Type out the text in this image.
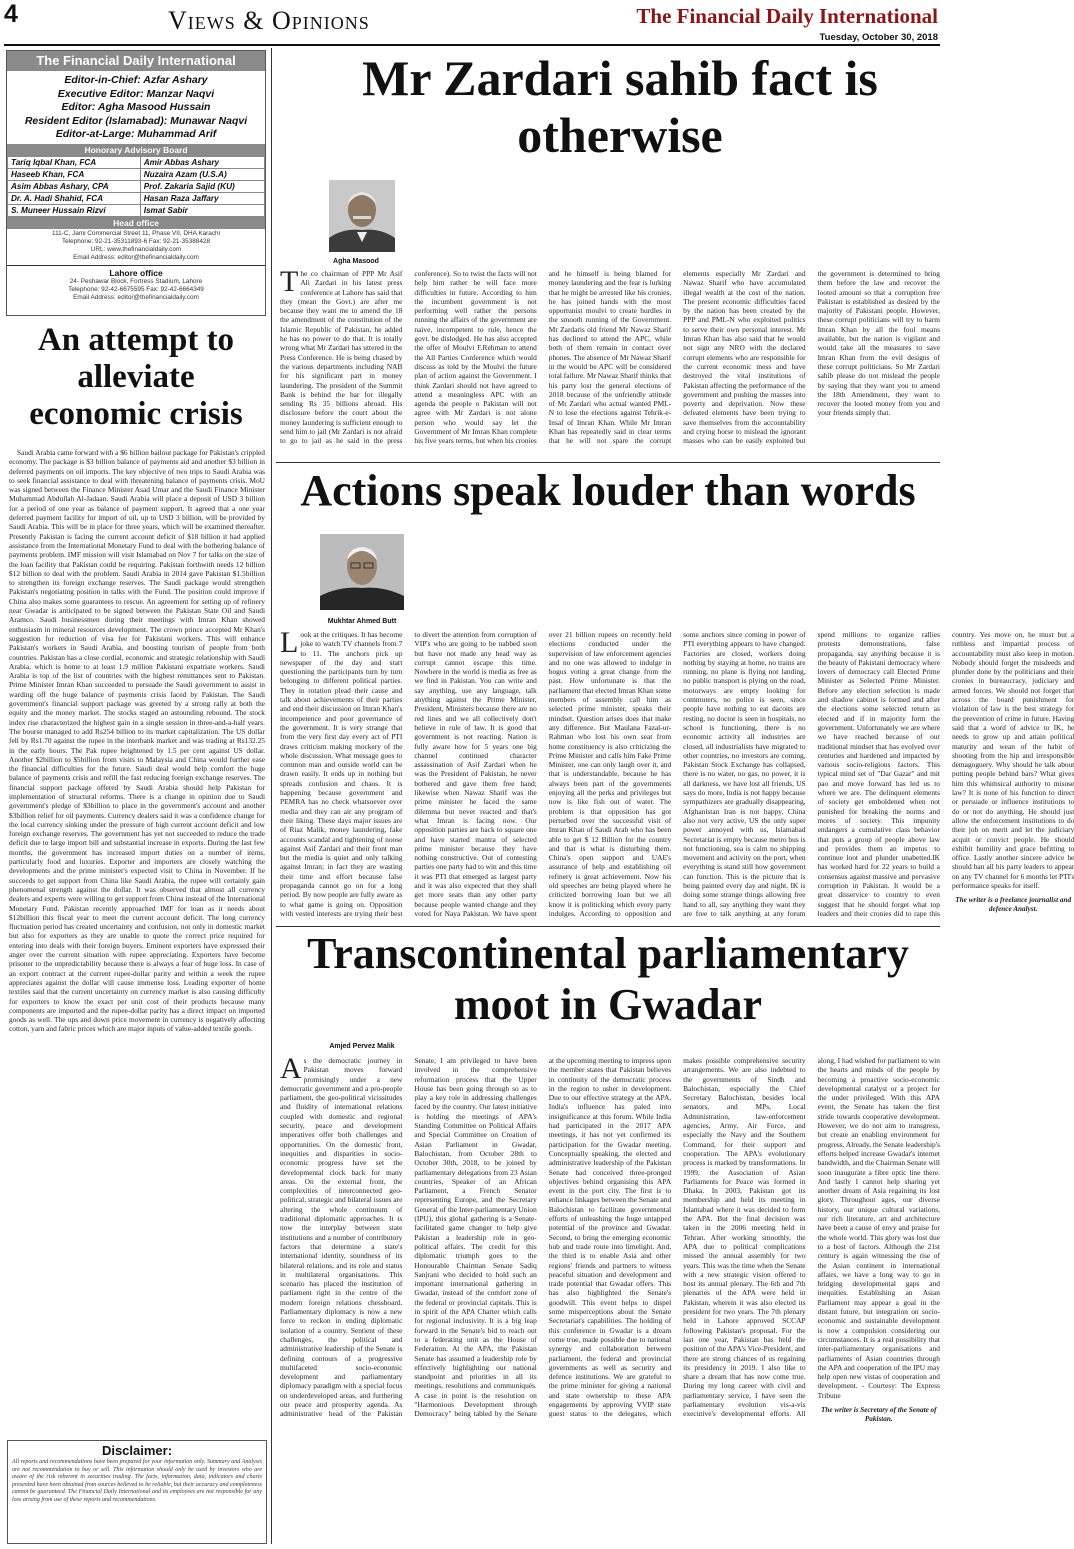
4	Views & Opinions	The Financial Daily International
Tuesday, October 30, 2018
The Financial Daily International
Editor-in-Chief: Azfar Ashary
Executive Editor: Manzar Naqvi
Editor: Agha Masood Hussain
Resident Editor (Islamabad): Munawar Naqvi
Editor-at-Large: Muhammad Arif
Honorary Advisory Board
Tariq Iqbal Khan, FCA	Amir Abbas Ashary
Haseeb Khan, FCA	Nuzaira Azam (U.S.A)
Asim Abbas Ashary, CPA	Prof. Zakaria Sajid (KU)
Dr. A. Hadi Shahid, FCA	Hasan Raza Jaffary
S. Muneer Hussain Rizvi	Ismat Sabir
Head office
111-C, Jami Commercial Street 11, Phase VII, DHA Karachi
Telephone: 92-21-35311893-6 Fax: 92-21-35388428
URL: www.thefinancialdaily.com
Email Address: editor@thefinancialdaily.com
Lahore office
24- Peshawar Block, Fortress Stadium, Lahore
Telephone: 92-42-6675595 Fax: 92-42-6664349
Email Address: editor@thefinancialdaily.com
An attempt to alleviate economic crisis

Saudi Arabia came forward with a $6 billion bailout package for Pakistan's crippled economy. The package is $3 billion balance of payments aid and another $3 billion in deferred payments on oil imports. The key objective of two trips to Saudi Arabia was to seek financial assistance to deal with threatening balance of payments crisis. MoU was signed between the Finance Minister Asad Umar and the Saudi Finance Minister Muhammad Abdullah Al-Jadaan. Saudi Arabia will place a deposit of USD 3 billion for a period of one year as balance of payment support. It agreed that a one year deferred payment facility for import of oil, up to USD 3 billion, will be provided by Saudi Arabia. This will be in place for three years, which will be examined thereafter. Presently Pakistan is facing the current account deficit of $18 billion it had applied assistance from the International Monetary Fund to deal with the bothering balance of payments problem. IMF mission will visit Islamabad on Nov 7 for talks on the size of the loan facility that Pakistan could be requiring. Pakistan forthwith needs 12 billion $12 billion to deal with the problem. Saudi Arabia in 2014 gave Pakistan $1.5billion to strengthen its foreign exchange reserves. The Saudi package would strengthen Pakistan's negotiating position in talks with the Fund. The position could improve if China also makes some guarantees to rescue. An agreement for setting up of refinery near Gwadar is anticipated to be signed between the Pakistan State Oil and Saudi Aramco. Saudi businessmen during their meetings with Imran Khan showed enthusiasm in mineral resources development. The crown prince accepted Mr Khan's suggestion for reduction of visa fee for Pakistani workers. This will enhance Pakistan's workers in Saudi Arabia, and boosting tourism of people from both countries. Pakistan has a close cordial, economic and strategic relationship with Saudi Arabia, which is home to at least 1.9 million Pakistani expatriate workers. Saudi Arabia is top of the list of countries with the highest remittances sent to Pakistan. Prime Minister Imran Khan succeeded to persuade the Saudi government to assist in warding off the huge balance of payments crisis faced by Pakistan. The Saudi government's financial support package was greeted by a strong rally at both the equity and the money market. The stocks staged an astounding rebound. The stock index rise characterized the highest gain in a single session in three-and-a-half years. The bourse managed to add Rs254 billion to its market capitalization. The US dollar fell by Rs1.70 against the rupee in the interbank market and was trading at Rs132.25 in the early hours. The Pak rupee heightened by 1.5 per cent against US dollar. Another $2billion to $5billion from visits to Malaysia and China would further ease the financial difficulties for the future. Saudi deal would help comfort the huge balance of payments crisis and refill the fast reducing foreign exchange reserves. The financial support package offered by Saudi Arabia should help Pakistan for implementation of structural reforms. There is a change in opinion due to Saudi government's pledge of $3billion to place in the government's account and another $3billion relief for oil payments. Currency dealers said it was a confidence change for the local currency sinking under the pressure of high current account deficit and low foreign exchange reserves. The government has yet not succeeded to reduce the trade deficit due to large import bill and substantial increase in exports. During the last few months, the government has increased import duties on a number of items, particularly food and luxuries. Exporter and importers are closely watching the developments and the prime minister's expected visit to China in November. If he succeeds to get support from China like Saudi Arabia, the rupee will certainly gain phenomenal strength against the dollar. It was observed that almost all currency dealers and experts were willing to get support from China instead of the International Monetary Fund. Pakistan recently approached IMF for loan as it needs about $12billion this fiscal year to meet the current account deficit. The long currency fluctuation period has created uncertainty and confusion, not only in domestic market but also for exporters as they are unable to quote the correct price required for entering into deals with their foreign buyers. Eminent exporters have expressed their anger over the current situation with rupee appreciating. Exporters have become prisoner to the unpredictability because there is always a fear of huge loss. In case of an export contract at the current rupee-dollar parity and within a week the rupee appreciates against the dollar will cause immense loss. Leading exporter of home textiles said that the current uncertainty on currency market is also causing difficulty for exporters to know the exact per unit cost of their products because many components are imported and the rupee-dollar parity has a direct impact on imported goods as well. The ups and down price movement in currency is negatively affecting cotton, yarn and fabric prices which are major inputs of value-added textile goods.

Disclaimer:
All reports and recommendations have been prepared for your information only. Summary and Analysis are not recommendation to buy or sell. This information should only be used by investors who are aware of the risk inherent in securities trading. The facts, information, data, indicators and charts presented have been obtained from sources believed to be reliable, but their accuracy and completeness cannot be guaranteed. The Financial Daily International and its employees are not responsible for any loss arising from use of these reports and recommendations.
Mr Zardari sahib fact is otherwise
Agha Masood

The co chairman of PPP Mr Asif Ali Zardari in his latest press conference at Lahore has said that they (mean the Govt.) are after me because they want me to amend the 18 the amendment of the constitution of the Islamic Republic of Pakistan, he added he has no power to do that. It is totally wrong what Mr Zardari has uttered in the Press Conference. He is being chased by the various departments including NAB for his significant part in money laundering. The president of the Summit Bank is behind the bar for illegally sending Rs 35 billions abroad. His disclosure before the court about the money laundering is sufficient enough to send him to jail (Mr Zardari is not afraid to go to jail as he said in the press conference). So to twist the facts will not help him rather he will face more difficulties in future. According to him the incumbent government is not performing well rather the persons running the affairs of the government are naive, incompetent to rule, hence the govt. be dislodged. He has also accepted the offer of Moulvi F.Rehman to attend the All Parties Conference which would discuss as told by the Moulvi the future plan of action against the Government. I think Zardari should not have agreed to attend a meaningless APC with an agenda the people o Pakistan will not agree with Mr Zardari is not alone person who would say let the Government of Mr Imran Khan complete his five years terms, but when his cronies and he himself is being blamed for money laundering and the fear is lurking that he might be arrested like his cronies, he has joined hands with the most opportunist moulvi to create hurdles in the smooth running of the Government. Mr Zardaris old friend Mr Nawaz Sharif has declined to attend the APC, while both of them remain in contact over phones. The absence of Mr Nawaz Sharif in the would be APC will be considered total failure. Mr Nawaz Sharif thinks that his party lost the general elections of 2018 because of the unfriendly attitude of Mr Zardari who actual wanted PML-N to lose the elections against Tehrik-e-Insaf of Imran Khan. While Mr Imran Khan has repeatedly said in clear terms that he will not spare the corrupt elements especially Mr Zardari and Nawaz Sharif who have accumulated illegal wealth at the cost of the nation. The present economic difficulties faced by the nation has been created by the PPP and PML-N who exploited politics to serve their own personal interest. Mr Imran Khan has also said that he would not sign any NRO with the declared corrupt elements who are responsible for the current economic mess and have destroyed the vital institutions of Pakistan affecting the performance of the government and pushing the masses into poverty and deprivation. Now these defeated elements have been trying to save themselves from the accountability and crying horse to mislead the ignorant masses who can be easily exploited but the government is determined to bring them before the law and recover the looted amount so that a corruption free Pakistan is established as desired by the majority of Pakistani people. However, these corrupt politicians will try to harm Imran Khan by all the foul means available, but the nation is vigilant and would take all the measures to save Imran Khan from the evil designs of these corrupt politicians. So Mr Zardari sahib please do not mislead the people by saying that they want you to amend the 18th Amendment, they want to recover the looted money from you and your friends simply that.

Actions speak louder than words
Mukhtar Ahmed Butt

Look at the critiques. It has become joke to watch TV channels from 7 to 11. The anchors pick up newspaper of the day and start questioning the participants turn by turn belonging to different political parties. They in rotation plead their cause and talk about achievements of their parties and end their discussion on Imran Khan's incompetence and poor governance of the government. It is very strange that from the very first day every act of PTI draws criticism making mockery of the whole discussion. What message goes to common man and outside world can be drawn easily. It ends up in nothing but spreads confusion and chaos. It is happening because government and PEMRA has no check whatsoever over media and they can air any program of their liking. These days major issues are of Riaz Malik, money laundering, fake accounts scandal and tightening of noose against Asif Zardari and their front man but the media is quiet and only talking against Imran; in fact they are wasting their time and effort because false propaganda cannot go on for a long period. By now people are fully aware as to what game is going on. Opposition with vested interests are trying their best to divert the attention from corruption of VIP's who are going to be nabbed soon but have not made any head way as corrupt cannot escape this time. Nowhere in the world is media as free as we find in Pakistan. You can write and say anything, use any language, talk anything against the Prime Minister, President, Ministers because there are no red lines and we all collectively don't believe in rule of law. It is good that government is not reacting. Nation is fully aware how for 5 years one big channel continued character assassination of Asif Zardari when he was the President of Pakistan, he never bothered and gave them free hand; likewise when Nawaz Sharif was the prime minister he faced the same dilemma but never reacted and that's what Imran is facing now. Our opposition parties are back to square one and have started mantra of selected prime minister because they have nothing constructive. Out of contesting parties one party had to win and this time it was PTI that emerged as largest party and it was also expected that they shall get more seats than any other party because people wanted change and they voted for Naya Pakistan. We have spent over 21 billion rupees on recently held elections conducted under the supervision of law enforcement agencies and no one was allowed to indulge in bogus voting a great change from the past. How unfortunate is that the parliament that elected Imran Khan some members of assembly call him as selected prime minister, speaks their mindset. Question arises does that make any difference. But Maulana Fazal-ur-Rahman who lost his own seat from home constituency is also criticizing the Prime Minister and calls him Fake Prime Minister, one can only laugh over it, and that is understandable, because he has always been part of the governments enjoying all the perks and privileges but now is like fish out of water. The problem is that opposition has got perturbed over the successful visit of Imran Khan of Saudi Arab who has been able to get $ 12 Billion for the country and that is what is disturbing them. China's open support and UAE's assurance of help and establishing oil refinery is great achievement. Now his old speeches are being played where he criticized borrowing loan but we all know it is politicking which every party indulges. According to opposition and some anchors since coming in power of PTI everything appears to have changed. Factories are closed, workers doing nothing by staying at home, no trains are running, no plane is flying nor landing, no public transport is plying on the road, motorways are empty looking for commuters, no police is seen, since people have nothing to eat dacoits are resting, no doctor is seen in hospitals, no school is functioning, there is no economic activity all industries are closed, all industrialists have migrated to other countries, no investors are coming, Pakistan Stock Exchange has collapsed, there is no water, no gas, no power, it is all darkness, we have lost all friends, US says do more, India is not happy because sympathizers are gradually disappearing, Afghanistan Iran is not happy, China also not very active, US the only super power annoyed with us, Islamabad Secretariat is empty because metro bus is not functioning, sea is calm no shipping movement and activity on the port, when everything is stand still how government can function. This is the picture that is being painted every day and night. IK is doing some strange things allowing free hand to all, say anything they want they are free to talk anything at any forum spend millions to organize rallies protests demonstrations, false propaganda, say anything because it is the beauty of Pakistani democracy where lovers of democracy call Elected Prime Minister as Selected Prime Minister. Before any election selection is made and shadow cabinet is formed and after the elections some selected return as elected and if in majority form the government. Unfortunately we are where we have reached because of our traditional mindset that has evolved over centuries and hardened and impacted by various socio-religious factors. This typical mind set of "Dar Gazar" and mit pao and move forward has led us to where we are. The delinquent elements of society get emboldened when not punished for breaking the norms and mores of society. This impunity endangers a cumulative class behavior that puts a group of people above law and provides them an impetus to continue loot and plunder unabetted.IK has worked hard for 22 years to build a consensus against massive and pervasive corruption in Pakistan. It would be a great disservice to country to even suggest that he should forget what top leaders and their cronies did to rape this country. Yes move on, he must but a ruthless and impartial process of accountability must also keep in motion. Nobody should forget the misdeeds and plunder done by the politicians and their cronies in bureaucracy, judiciary and armed forces. We should not forget that across the board punishment for violation of law is the best strategy for the prevention of crime in future. Having said that a word of advice to IK, he needs to grow up and attain political maturity and wean of the habit of shooting from the hip and irresponsible demagoguery. Why should he talk about putting people behind bars? What gives him this whimsical authority to misuse law? It is none of his function to direct or persuade or influence institutions to do or not do anything. He should just allow the enforcement institutions to do their job on merit and let the judiciary acquit or convict people. He should exhibit humility and grace befitting to office. Lastly another sincere advice he should ban all his party leaders to appear on any TV channel for 6 months let PTI's performance speaks for itself.

The writer is a freelance journalist and defence Analyst.
Transcontinental parliamentary moot in Gwadar
Amjed Pervez Malik

As the democratic journey in Pakistan moves forward promisingly under a new democratic government and a pro-people parliament, the geo-political vicissitudes and fluidity of international relations coupled with domestic and regional security, peace and development imperatives offer both challenges and opportunities. On the domestic front, inequities and disparities in socio-economic progress have set the developmental clock back for many areas. On the external front, the complexities of interconnected geo-political, strategic and bilateral issues are altering the whole continuum of traditional diplomatic approaches. It is now the interplay between state institutions and a number of contributory factors that determine a state's international identity, soundness of its bilateral relations, and its role and status in multilateral organisations. This scenario has placed the institution of parliament right in the centre of the modern foreign relations chessboard. Parliamentary diplomacy is now a new force to reckon in ending diplomatic isolation of a country. Sentient of these challenges, the political and administrative leadership of the Senate is defining contours of a progressive multifaceted socio-economic development and parliamentary diplomacy paradigm with a special focus on underdeveloped areas, and furthering our peace and prosperity agenda. As administrative head of the Pakistan Senate, I am privileged to have been involved in the comprehensive reformation process that the Upper House has been going through so as to play a key role in addressing challenges faced by the country. Our latest initiative is holding the meetings of APA's Standing Committee on Political Affairs and Special Committee on Creation of Asian Parliament in Gwadar, Balochistan, from October 28th to October 30th, 2018, to be joined by parliamentary delegations from 23 Asian countries, Speaker of an African Parliament, a French Senator representing Europe, and the Secretary General of the Inter-parliamentary Union (IPU), this global gathering is a Senate-facilitated game changer to help give Pakistan a leadership role in geo-political affairs. The credit for this diplomatic triumph goes to the Honourable Chairman Senate Sadiq Sanjrani who decided to hold such an important international gathering in Gwadar, instead of the comfort zone of the federal or provincial capitals. This is in spirit of the APA Charter which calls for regional inclusivity. It is a big leap forward in the Senate's bid to reach out to a federating unit as the House of Federation. At the APA, the Pakistan Senate has assumed a leadership role by effectively highlighting our national standpoint and priorities in all its meetings, resolutions and communiqués. A case in point is the resolution on "Harmonious Development through Democracy" being tabled by the Senate at the upcoming meeting to impress upon the member states that Pakistan believes in continuity of the democratic process in the region to usher in development. Due to our effective strategy at the APA, India's influence has paled into insignificance at this forum. While India had participated in the 2017 APA meetings, it has not yet confirmed its participation for the Gwadar meeting. Conceptually speaking, the elected and administrative leadership of the Pakistan Senate had conceived three-pronged objectives behind organising this APA event in the port city. The first is to enhance linkages between the Senate and Balochistan to facilitate governmental efforts of unleashing the huge untapped potential of the province and Gwadar. Second, to bring the emerging economic hub and trade route into limelight. And, the third is to enable Asia and other regions' friends and partners to witness peaceful situation and development and trade potential that Gwadar offers. This has also highlighted the Senate's goodwill. This event helps to dispel some misperceptions about the Senate Secretariat's capabilities. The holding of this conference in Gwadar is a dream come true, made possible due to national synergy and collaboration between parliament, the federal and provincial governments as well as security and defence institutions. We are grateful to the prime minister for giving a national and state ownership to these APA engagements by approving VVIP state guest status to the delegates, which makes possible comprehensive security arrangements. We are also indebted to the governments of Sindh and Balochistan, especially the Chief Secretary Balochistan, besides local senators, and MPs, Local Administration, law-enforcement agencies, Army, Air Force, and especially the Navy and the Southern Command, for their support and cooperation. The APA's evolutionary process is marked by transformations. In 1999, the Association of Asian Parliaments for Peace was formed in Dhaka. In 2003, Pakistan got its membership and held its meeting in Islamabad where it was decided to form the APA. But the final decision was taken in the 2006 meeting held in Tehran. After working smoothly, the APA due to political complications missed the annual assembly for two years. This was the time when the Senate with a new strategic vision offered to host its annual plenary. The 6th and 7th plenaries of the APA were held in Pakistan, wherein it was also elected its president for two years. The 7th plenary held in Lahore approved SCCAP following Pakistan's proposal. For the last one year, Pakistan has held the position of the APA's Vice-President, and there are strong chances of us regaining its presidency in 2019. I also like to share a dream that has now come true. During my long career with civil and parliamentary service, I have seen the parliamentary evolution vis-a-vis executive's developmental efforts. All along, I had wished for parliament to win the hearts and minds of the people by becoming a proactive socio-economic developmental catalyst or a project for the under privileged. With this APA event, the Senate has taken the first stride towards cooperative development. However, we do not aim to transgress, but create an enabling environment for progress. Already, the Senate leadership's efforts helped increase Gwadar's internet bandwidth, and the Chairman Senate will soon inaugurate a fibre optic line there. And lastly I cannot help sharing yet another dream of Asia regaining its lost glory. Throughout ages, our diverse history, our unique cultural variations, our rich literature, art and architecture have been a cause of envy and praise for the whole world. This glory was lost due to a host of factors. Although the 21st century is again witnessing the rise of the Asian continent in international affairs, we have a long way to go in bridging developmental gaps and inequities. Establishing an Asian Parliament may appear a goal in the distant future, but integration on socio-economic and sustainable development is now a compulsion considering our circumstances. It is a real possibility that inter-parliamentary organisations and parliaments of Asian countries through the APA and cooperation of the IPU may help open new vistas of cooperation and development. - Courtesy: The Express Tribune

The writer is Secretary of the Senate of Pakistan.
